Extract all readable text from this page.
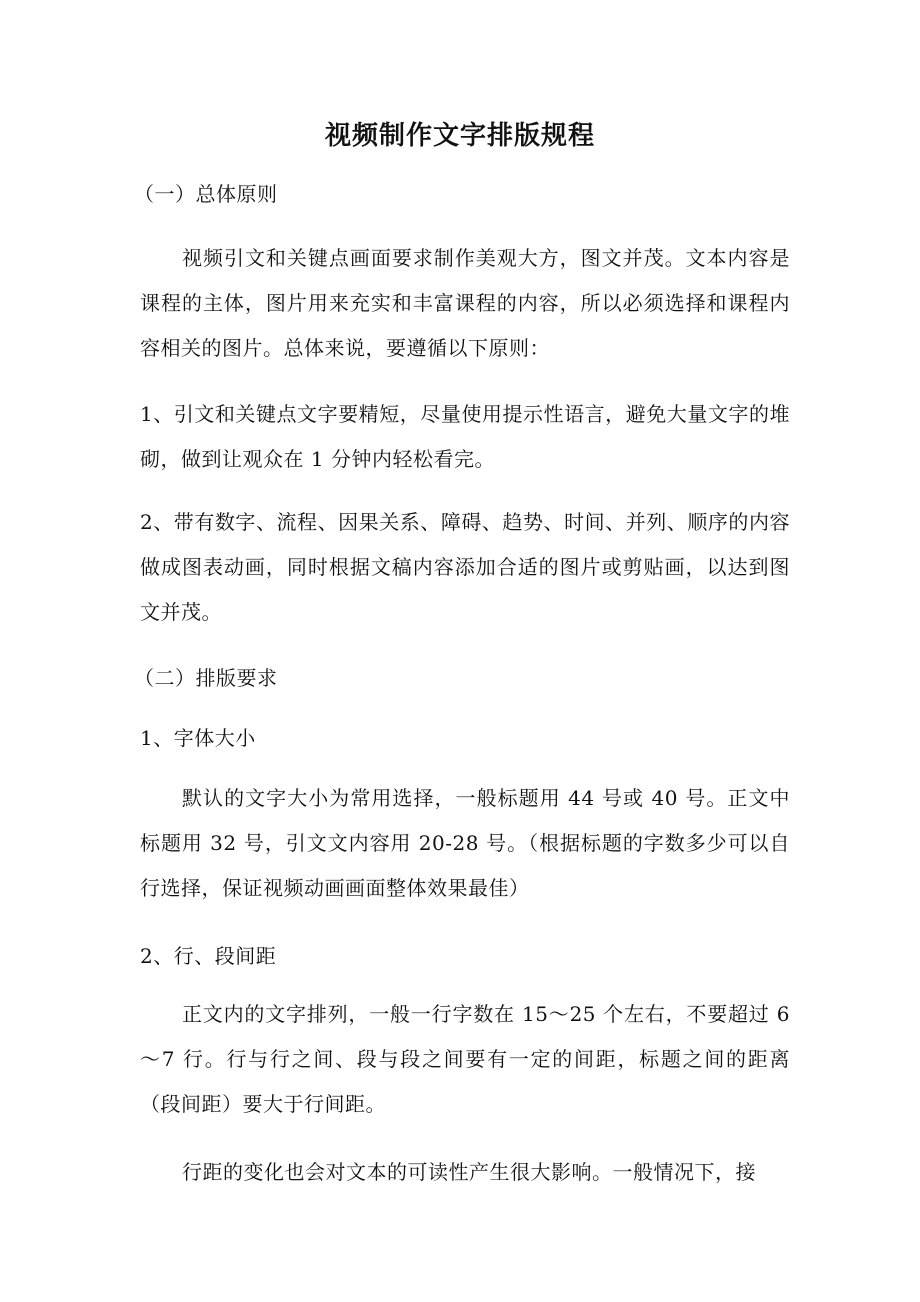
视频制作文字排版规程

（一）总体原则

视频引文和关键点画面要求制作美观大方，图文并茂。文本内容是课程的主体，图片用来充实和丰富课程的内容，所以必须选择和课程内容相关的图片。总体来说，要遵循以下原则：

1、引文和关键点文字要精短，尽量使用提示性语言，避免大量文字的堆砌，做到让观众在 1 分钟内轻松看完。

2、带有数字、流程、因果关系、障碍、趋势、时间、并列、顺序的内容做成图表动画，同时根据文稿内容添加合适的图片或剪贴画，以达到图文并茂。

（二）排版要求

1、字体大小

默认的文字大小为常用选择，一般标题用 44 号或 40 号。正文中标题用 32 号，引文文内容用 20-28 号。（根据标题的字数多少可以自行选择，保证视频动画画面整体效果最佳）

2、行、段间距

正文内的文字排列，一般一行字数在 15～25 个左右，不要超过 6～7 行。行与行之间、段与段之间要有一定的间距，标题之间的距离（段间距）要大于行间距。

行距的变化也会对文本的可读性产生很大影响。一般情况下，接
